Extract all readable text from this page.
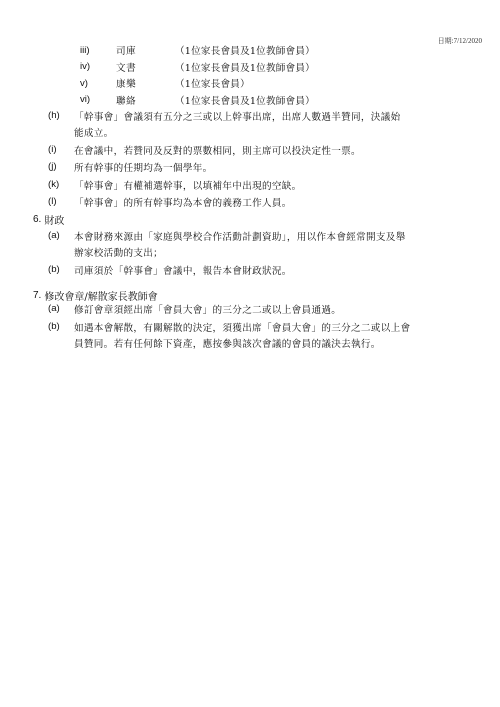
日期:7/12/2020
iii)	司庫	（1位家長會員及1位教師會員）
iv)	文書	（1位家長會員及1位教師會員）
v)	康樂	（1位家長會員）
vi)	聯絡	（1位家長會員及1位教師會員）
(h)	「幹事會」會議須有五分之三或以上幹事出席，出席人數過半贊同，決議始
能成立。
(i)	在會議中，若贊同及反對的票數相同，則主席可以投決定性一票。
(j)	所有幹事的任期均為一個學年。
(k)	「幹事會」有權補選幹事，以填補年中出現的空缺。
(l)	「幹事會」的所有幹事均為本會的義務工作人員。
6. 財政
(a)	本會財務來源由「家庭與學校合作活動計劃資助」，用以作本會經常開支及舉
辦家校活動的支出；
(b)	司庫須於「幹事會」會議中，報告本會財政狀況。
7. 修改會章/解散家長教師會
(a)	修訂會章須經出席「會員大會」的三分之二或以上會員通過。
(b)	如遇本會解散，有關解散的決定，須獲出席「會員大會」的三分之二或以上會
員贊同。若有任何餘下資產，應按參與該次會議的會員的議決去執行。
